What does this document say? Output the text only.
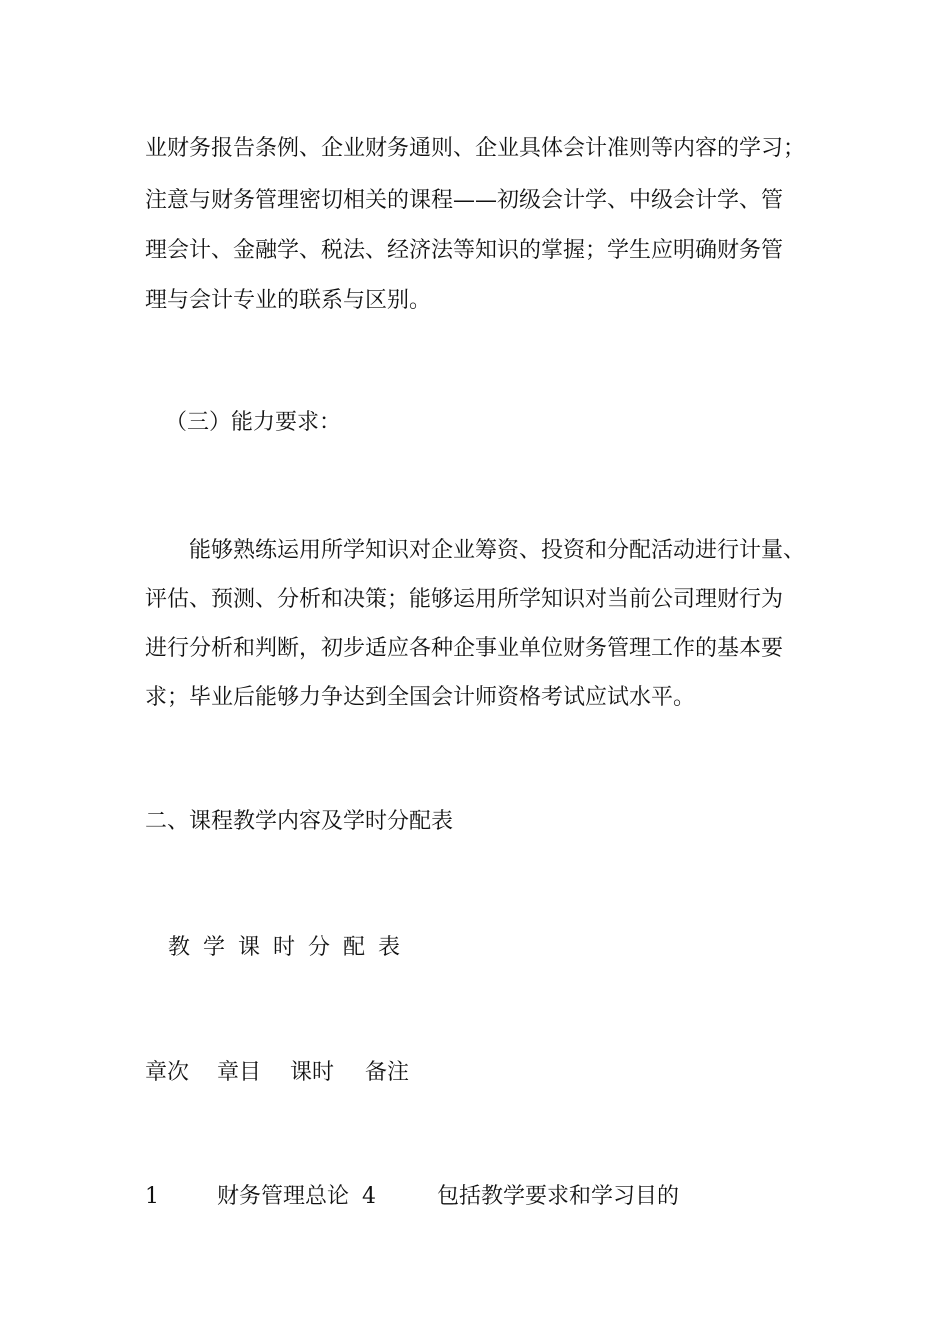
业财务报告条例、企业财务通则、企业具体会计准则等内容的学习；

注意与财务管理密切相关的课程——初级会计学、中级会计学、管

理会计、金融学、税法、经济法等知识的掌握；学生应明确财务管

理与会计专业的联系与区别。

（三）能力要求：

能够熟练运用所学知识对企业筹资、投资和分配活动进行计量、

评估、预测、分析和决策；能够运用所学知识对当前公司理财行为

进行分析和判断，初步适应各种企事业单位财务管理工作的基本要

求；毕业后能够力争达到全国会计师资格考试应试水平。

二、课程教学内容及学时分配表

教学课时分配表

章次 章目 课时 备注
1	财务管理总论 4	包括教学要求和学习目的
